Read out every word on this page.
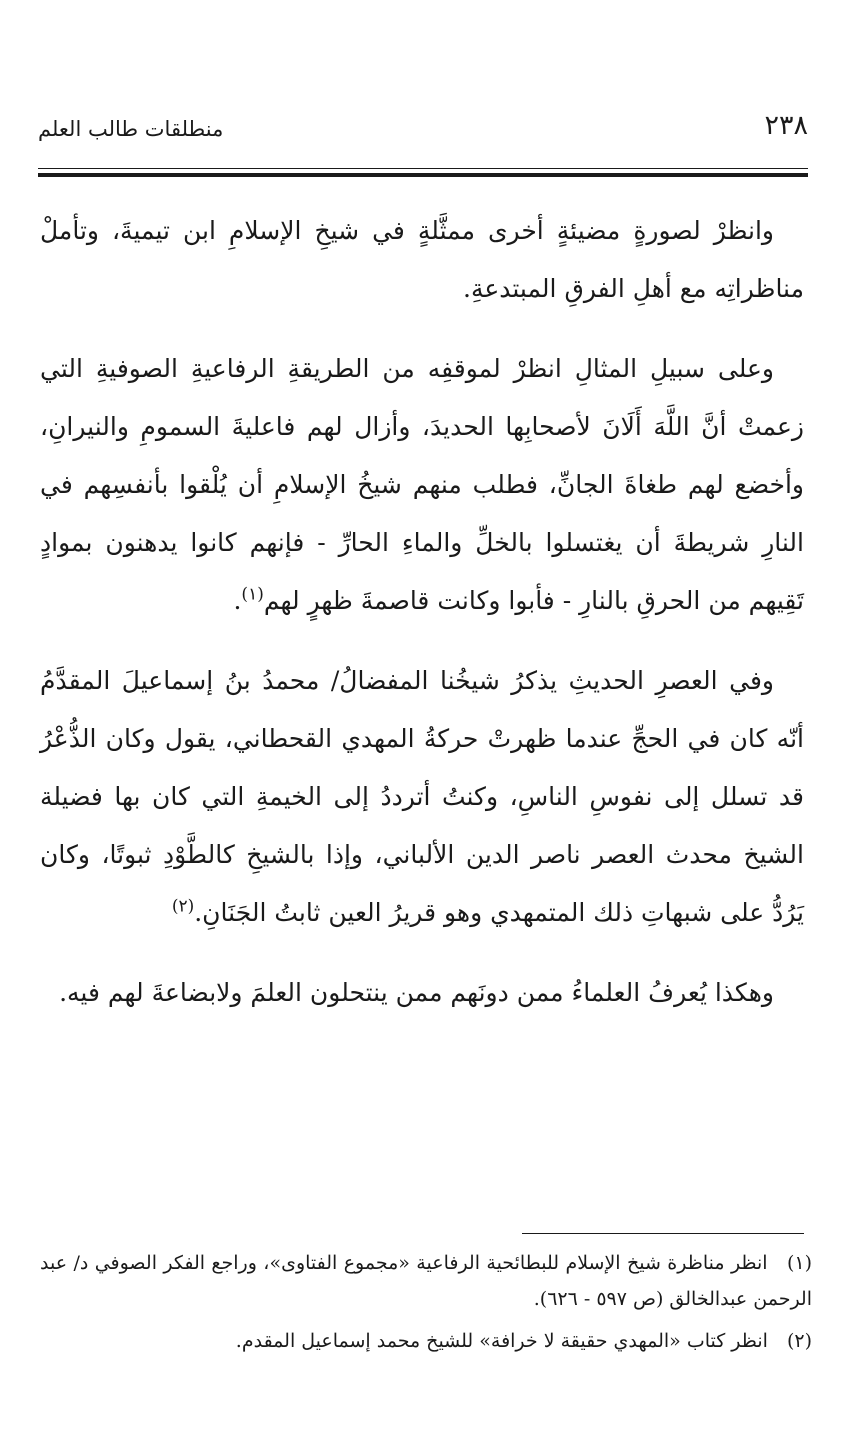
٢٣٨
منطلقات طالب العلم

وانظرْ لصورةٍ مضيئةٍ أخرى ممثَّلةٍ في شيخِ الإسلامِ ابن تيميةَ، وتأملْ مناظراتِه مع أهلِ الفرقِ المبتدعةِ.

وعلى سبيلِ المثالِ انظرْ لموقفِه من الطريقةِ الرفاعيةِ الصوفيةِ التي زعمتْ أنَّ اللَّهَ أَلَانَ لأصحابِها الحديدَ، وأزال لهم فاعليةَ السمومِ والنيرانِ، وأخضع لهم طغاةَ الجانِّ، فطلب منهم شيخُ الإسلامِ أن يُلْقوا بأنفسِهم في النارِ شريطةَ أن يغتسلوا بالخلِّ والماءِ الحارِّ - فإنهم كانوا يدهنون بموادٍ تَقِيهم من الحرقِ بالنارِ - فأبوا وكانت قاصمةَ ظهرٍ لهم$^{(١)}$.

وفي العصرِ الحديثِ يذكرُ شيخُنا المفضالُ/ محمدُ بنُ إسماعيلَ المقدَّمُ أنّه كان في الحجِّ عندما ظهرتْ حركةُ المهدي القحطاني، يقول وكان الذُّعْرُ قد تسلل إلى نفوسِ الناسِ، وكنتُ أترددُ إلى الخيمةِ التي كان بها فضيلة الشيخ محدث العصر ناصر الدين الألباني، وإذا بالشيخِ كالطَّوْدِ ثبوتًا، وكان يَرُدُّ على شبهاتِ ذلك المتمهدي وهو قريرُ العين ثابتُ الجَنَانِ.$^{(٢)}$

وهكذا يُعرفُ العلماءُ ممن دونَهم ممن ينتحلون العلمَ ولابضاعةَ لهم فيه.

(١) انظر مناظرة شيخ الإسلام للبطائحية الرفاعية «مجموع الفتاوى»، وراجع الفكر الصوفي د/ عبد الرحمن عبدالخالق (ص ٥٩٧ - ٦٢٦).

(٢) انظر كتاب «المهدي حقيقة لا خرافة» للشيخ محمد إسماعيل المقدم.
